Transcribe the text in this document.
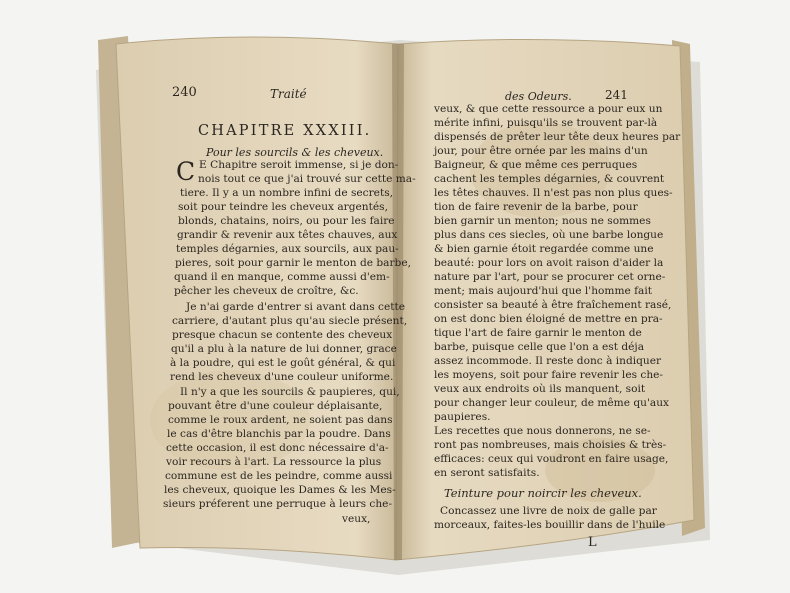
240	Traité
CHAPITRE XXXIII.
Pour les sourcils & les cheveux.
C E Chapitre seroit immense, si je don-
nois tout ce que j'ai trouvé sur cette ma-
tiere. Il y a un nombre infini de secrets,
soit pour teindre les cheveux argentés,
blonds, chatains, noirs, ou pour les faire
grandir & revenir aux têtes chauves, aux
temples dégarnies, aux sourcils, aux pau-
pieres, soit pour garnir le menton de barbe,
quand il en manque, comme aussi d'em-
pêcher les cheveux de croître, &c.
Je n'ai garde d'entrer si avant dans cette
carriere, d'autant plus qu'au siecle présent,
presque chacun se contente des cheveux
qu'il a plu à la nature de lui donner, grace
à la poudre, qui est le goût général, & qui
rend les cheveux d'une couleur uniforme.
Il n'y a que les sourcils & paupieres, qui,
pouvant être d'une couleur déplaisante,
comme le roux ardent, ne soient pas dans
le cas d'être blanchis par la poudre. Dans
cette occasion, il est donc nécessaire d'a-
voir recours à l'art. La ressource la plus
commune est de les peindre, comme aussi
les cheveux, quoique les Dames & les Mes-
sieurs préferent une perruque à leurs che-
veux,
des Odeurs.	241
veux, & que cette ressource a pour eux un
mérite infini, puisqu'ils se trouvent par-là
dispensés de prêter leur tête deux heures par
jour, pour être ornée par les mains d'un
Baigneur, & que même ces perruques
cachent les temples dégarnies, & couvrent
les têtes chauves. Il n'est pas non plus ques-
tion de faire revenir de la barbe, pour
bien garnir un menton; nous ne sommes
plus dans ces siecles, où une barbe longue
& bien garnie étoit regardée comme une
beauté: pour lors on avoit raison d'aider la
nature par l'art, pour se procurer cet orne-
ment; mais aujourd'hui que l'homme fait
consister sa beauté à être fraîchement rasé,
on est donc bien éloigné de mettre en pra-
tique l'art de faire garnir le menton de
barbe, puisque celle que l'on a est déja
assez incommode. Il reste donc à indiquer
les moyens, soit pour faire revenir les che-
veux aux endroits où ils manquent, soit
pour changer leur couleur, de même qu'aux
paupieres.
Les recettes que nous donnerons, ne se-
ront pas nombreuses, mais choisies & très-
efficaces: ceux qui voudront en faire usage,
en seront satisfaits.
Teinture pour noircir les cheveux.
Concassez une livre de noix de galle par
morceaux, faites-les bouillir dans de l'huile
L
